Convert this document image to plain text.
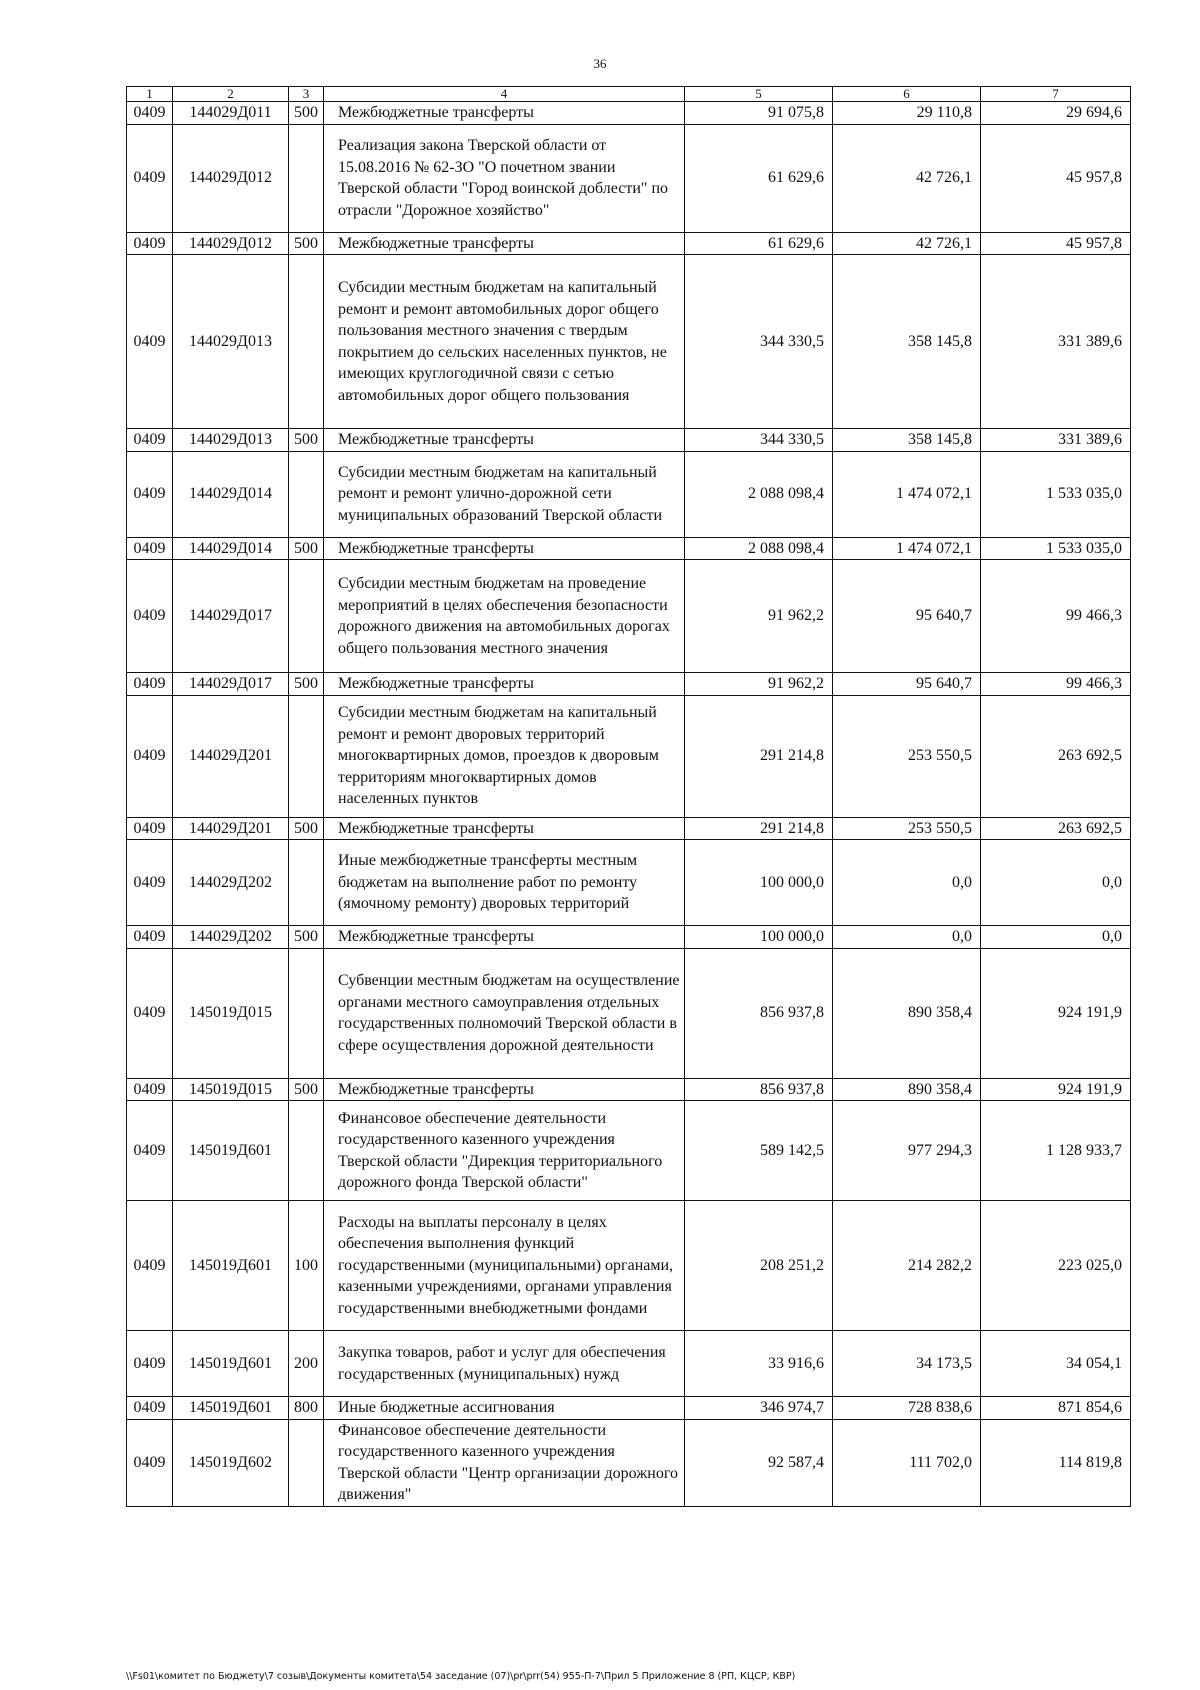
36
1	2	3	4	5	6	7
0409	144029Д011	500	Межбюджетные трансферты	91 075,8	29 110,8	29 694,6
0409	144029Д012		Реализация закона Тверской области от 15.08.2016 № 62-ЗО "О почетном звании Тверской области "Город воинской доблести" по отрасли "Дорожное хозяйство"	61 629,6	42 726,1	45 957,8
0409	144029Д012	500	Межбюджетные трансферты	61 629,6	42 726,1	45 957,8
0409	144029Д013		Субсидии местным бюджетам на капитальный ремонт и ремонт автомобильных дорог общего пользования местного значения с твердым покрытием до сельских населенных пунктов, не имеющих круглогодичной связи с сетью автомобильных дорог общего пользования	344 330,5	358 145,8	331 389,6
0409	144029Д013	500	Межбюджетные трансферты	344 330,5	358 145,8	331 389,6
0409	144029Д014		Субсидии местным бюджетам на капитальный ремонт и ремонт улично-дорожной сети муниципальных образований Тверской области	2 088 098,4	1 474 072,1	1 533 035,0
0409	144029Д014	500	Межбюджетные трансферты	2 088 098,4	1 474 072,1	1 533 035,0
0409	144029Д017		Субсидии местным бюджетам на проведение мероприятий в целях обеспечения безопасности дорожного движения на автомобильных дорогах общего пользования местного значения	91 962,2	95 640,7	99 466,3
0409	144029Д017	500	Межбюджетные трансферты	91 962,2	95 640,7	99 466,3
0409	144029Д201		Субсидии местным бюджетам на капитальный ремонт и ремонт дворовых территорий многоквартирных домов, проездов к дворовым территориям многоквартирных домов населенных пунктов	291 214,8	253 550,5	263 692,5
0409	144029Д201	500	Межбюджетные трансферты	291 214,8	253 550,5	263 692,5
0409	144029Д202		Иные межбюджетные трансферты местным бюджетам на выполнение работ по ремонту (ямочному ремонту) дворовых территорий	100 000,0	0,0	0,0
0409	144029Д202	500	Межбюджетные трансферты	100 000,0	0,0	0,0
0409	145019Д015		Субвенции местным бюджетам на осуществление органами местного самоуправления отдельных государственных полномочий Тверской области в сфере осуществления дорожной деятельности	856 937,8	890 358,4	924 191,9
0409	145019Д015	500	Межбюджетные трансферты	856 937,8	890 358,4	924 191,9
0409	145019Д601		Финансовое обеспечение деятельности государственного казенного учреждения Тверской области "Дирекция территориального дорожного фонда Тверской области"	589 142,5	977 294,3	1 128 933,7
0409	145019Д601	100	Расходы на выплаты персоналу в целях обеспечения выполнения функций государственными (муниципальными) органами, казенными учреждениями, органами управления государственными внебюджетными фондами	208 251,2	214 282,2	223 025,0
0409	145019Д601	200	Закупка товаров, работ и услуг для обеспечения государственных (муниципальных) нужд	33 916,6	34 173,5	34 054,1
0409	145019Д601	800	Иные бюджетные ассигнования	346 974,7	728 838,6	871 854,6
0409	145019Д602		Финансовое обеспечение деятельности государственного казенного учреждения Тверской области "Центр организации дорожного движения"	92 587,4	111 702,0	114 819,8
\\Fs01\комитет по Бюджету\7 созыв\Документы комитета\54 заседание (07)\pr\prr(54) 955-П-7\Прил 5 Приложение 8 (РП, КЦСР, КВР)
